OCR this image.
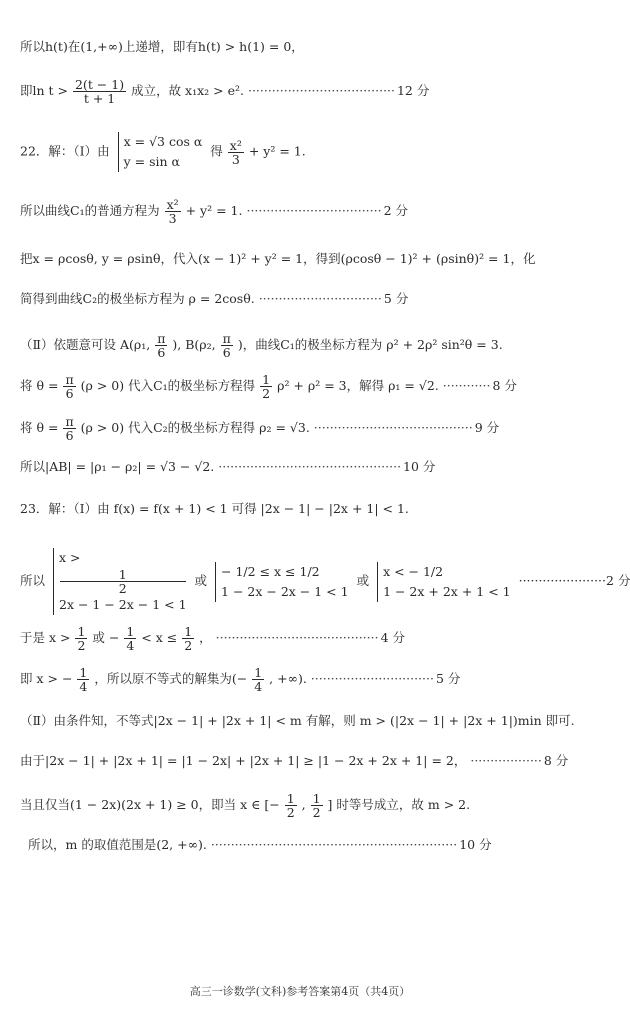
所以h(t)在(1,+∞)上递增，即有h(t) > h(1) = 0，
即$\ln t > \frac{2(t - 1)}{t + 1}$ 成立，故 x₁x₂ > e². ····································· 12 分
22．解：（Ⅰ）由
x = √3 cos α
y = sin α
得 $\frac{\text{x²}}{3} + y^2 = 1$.
所以曲线C₁的普通方程为 $\frac{\text{x²}}{3} + y^2 = 1$. ·································· 2 分
把x = ρcosθ, y = ρsinθ，代入(x − 1)² + y² = 1，得到(ρcosθ − 1)² + (ρsinθ)² = 1，化
简得到曲线C₂的极坐标方程为 ρ = 2cosθ. ······························· 5 分
（Ⅱ）依题意可设 A(ρ₁, $\frac{\pi}{6}$ ), B(ρ₂, $\frac{\pi}{6}$ )，曲线C₁的极坐标方程为 ρ² + 2ρ² sin²θ = 3.
将 $\theta = \frac{\pi}{6} (\rho > 0)$ 代入C₁的极坐标方程得 $\frac{1}{2} \rho^2 + \rho^2 = 3$，解得 ρ₁ = √2. ············ 8 分
将 $\theta = \frac{\pi}{6} (\rho > 0)$ 代入C₂的极坐标方程得 ρ₂ = √3. ········································ 9 分
所以|AB| = |ρ₁ − ρ₂| = √3 − √2. ·············································· 10 分
23．解：（Ⅰ）由 f(x) = f(x + 1) < 1 可得 |2x − 1| − |2x + 1| < 1.
所以
x >
1
2
2x − 1 − 2x − 1 < 1
或
− 1/2 ≤ x ≤ 1/2
1 − 2x − 2x − 1 < 1
或
x < − 1/2
1 − 2x + 2x + 1 < 1
······················2 分
于是 $x > \frac{1}{2}$ 或 − $\frac{1}{4} < x \le \frac{1}{2}$ ， ········································· 4 分
即 x > − $\frac{1}{4}$ ，所以原不等式的解集为(− $\frac{1}{4}$ , +∞). ······························· 5 分
（Ⅱ）由条件知，不等式|2x − 1| + |2x + 1| < m 有解，则 m > (|2x − 1| + |2x + 1|)min 即可.
由于|2x − 1| + |2x + 1| = |1 − 2x| + |2x + 1| ≥ |1 − 2x + 2x + 1| = 2， ·················· 8 分
当且仅当(1 − 2x)(2x + 1) ≥ 0，即当 x ∈ [− $\frac{1}{2}$ , $\frac{1}{2}$ ] 时等号成立，故 m > 2.
所以，m 的取值范围是(2, +∞). ······························································ 10 分
高三一诊数学(文科)参考答案第4页（共4页）
